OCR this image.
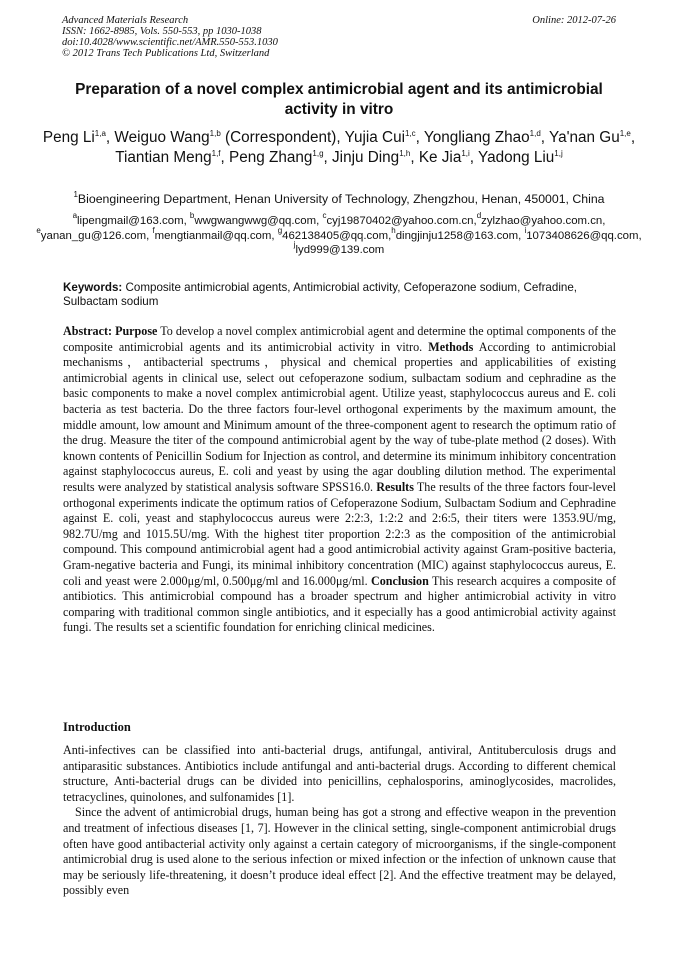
Advanced Materials Research
ISSN: 1662-8985, Vols. 550-553, pp 1030-1038
doi:10.4028/www.scientific.net/AMR.550-553.1030
© 2012 Trans Tech Publications Ltd, Switzerland
Online: 2012-07-26
Preparation of a novel complex antimicrobial agent and its antimicrobial activity in vitro
Peng Li$^{1,a}$, Weiguo Wang$^{1,b}$ (Correspondent), Yujia Cui$^{1,c}$, Yongliang Zhao$^{1,d}$, Ya'nan Gu$^{1,e}$, Tiantian Meng$^{1,f}$, Peng Zhang$^{1,g}$, Jinju Ding$^{1,h}$, Ke Jia$^{1,i}$, Yadong Liu$^{1,j}$
$^1$Bioengineering Department, Henan University of Technology, Zhengzhou, Henan, 450001, China
$^a$lipengmail@163.com, $^b$wwgwangwwg@qq.com, $^c$cyj19870402@yahoo.com.cn,$^d$zylzhao@yahoo.com.cn, $^e$yanan_gu@126.com, $^f$mengtianmail@qq.com, $^g$462138405@qq.com,$^h$dingjinju1258@163.com, $^i$1073408626@qq.com, $^j$lyd999@139.com
Keywords: Composite antimicrobial agents, Antimicrobial activity, Cefoperazone sodium, Cefradine, Sulbactam sodium
Abstract: Purpose To develop a novel complex antimicrobial agent and determine the optimal components of the composite antimicrobial agents and its antimicrobial activity in vitro. Methods According to antimicrobial mechanisms，antibacterial spectrums，physical and chemical properties and applicabilities of existing antimicrobial agents in clinical use, select out cefoperazone sodium, sulbactam sodium and cephradine as the basic components to make a novel complex antimicrobial agent. Utilize yeast, staphylococcus aureus and E. coli bacteria as test bacteria. Do the three factors four-level orthogonal experiments by the maximum amount, the middle amount, low amount and Minimum amount of the three-component agent to research the optimum ratio of the drug. Measure the titer of the compound antimicrobial agent by the way of tube-plate method (2 doses). With known contents of Penicillin Sodium for Injection as control, and determine its minimum inhibitory concentration against staphylococcus aureus, E. coli and yeast by using the agar doubling dilution method. The experimental results were analyzed by statistical analysis software SPSS16.0. Results The results of the three factors four-level orthogonal experiments indicate the optimum ratios of Cefoperazone Sodium, Sulbactam Sodium and Cephradine against E. coli, yeast and staphylococcus aureus were 2:2:3, 1:2:2 and 2:6:5, their titers were 1353.9U/mg, 982.7U/mg and 1015.5U/mg. With the highest titer proportion 2:2:3 as the composition of the antimicrobial compound. This compound antimicrobial agent had a good antimicrobial activity against Gram-positive bacteria, Gram-negative bacteria and Fungi, its minimal inhibitory concentration (MIC) against staphylococcus aureus, E. coli and yeast were 2.000μg/ml, 0.500μg/ml and 16.000μg/ml. Conclusion This research acquires a composite of antibiotics. This antimicrobial compound has a broader spectrum and higher antimicrobial activity in vitro comparing with traditional common single antibiotics, and it especially has a good antimicrobial activity against fungi. The results set a scientific foundation for enriching clinical medicines.
Introduction

Anti-infectives can be classified into anti-bacterial drugs, antifungal, antiviral, Antituberculosis drugs and antiparasitic substances. Antibiotics include antifungal and anti-bacterial drugs. According to different chemical structure, Anti-bacterial drugs can be divided into penicillins, cephalosporins, aminoglycosides, macrolides, tetracyclines, quinolones, and sulfonamides [1].

Since the advent of antimicrobial drugs, human being has got a strong and effective weapon in the prevention and treatment of infectious diseases [1, 7]. However in the clinical setting, single-component antimicrobial drugs often have good antibacterial activity only against a certain category of microorganisms, if the single-component antimicrobial drug is used alone to the serious infection or mixed infection or the infection of unknown cause that may be seriously life-threatening, it doesn’t produce ideal effect [2]. And the effective treatment may be delayed, possibly even
